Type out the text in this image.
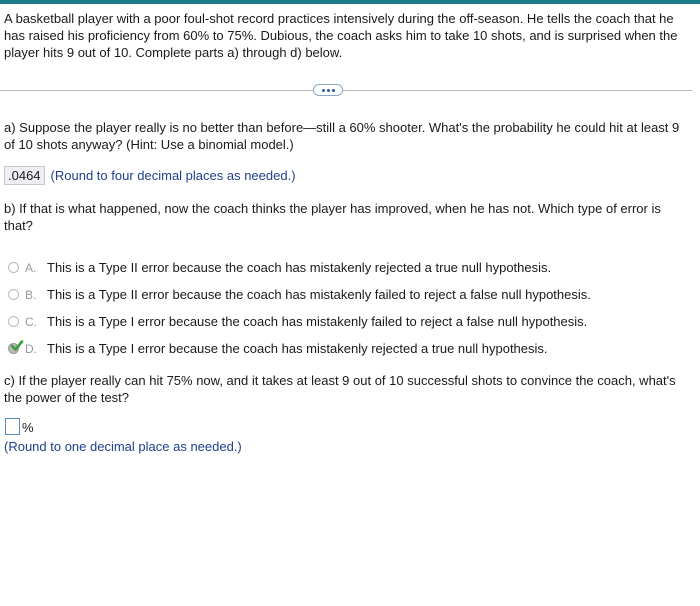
A basketball player with a poor foul-shot record practices intensively during the off-season. He tells the coach that he has raised his proficiency from 60% to 75%. Dubious, the coach asks him to take 10 shots, and is surprised when the player hits 9 out of 10. Complete parts a) through d) below.
a) Suppose the player really is no better than before—still a 60% shooter. What's the probability he could hit at least 9 of 10 shots anyway? (Hint: Use a binomial model.)
.0464 (Round to four decimal places as needed.)
b) If that is what happened, now the coach thinks the player has improved, when he has not. Which type of error is that?
A. This is a Type II error because the coach has mistakenly rejected a true null hypothesis.
B. This is a Type II error because the coach has mistakenly failed to reject a false null hypothesis.
C. This is a Type I error because the coach has mistakenly failed to reject a false null hypothesis.
D. This is a Type I error because the coach has mistakenly rejected a true null hypothesis.
c) If the player really can hit 75% now, and it takes at least 9 out of 10 successful shots to convince the coach, what's the power of the test?
%
(Round to one decimal place as needed.)
